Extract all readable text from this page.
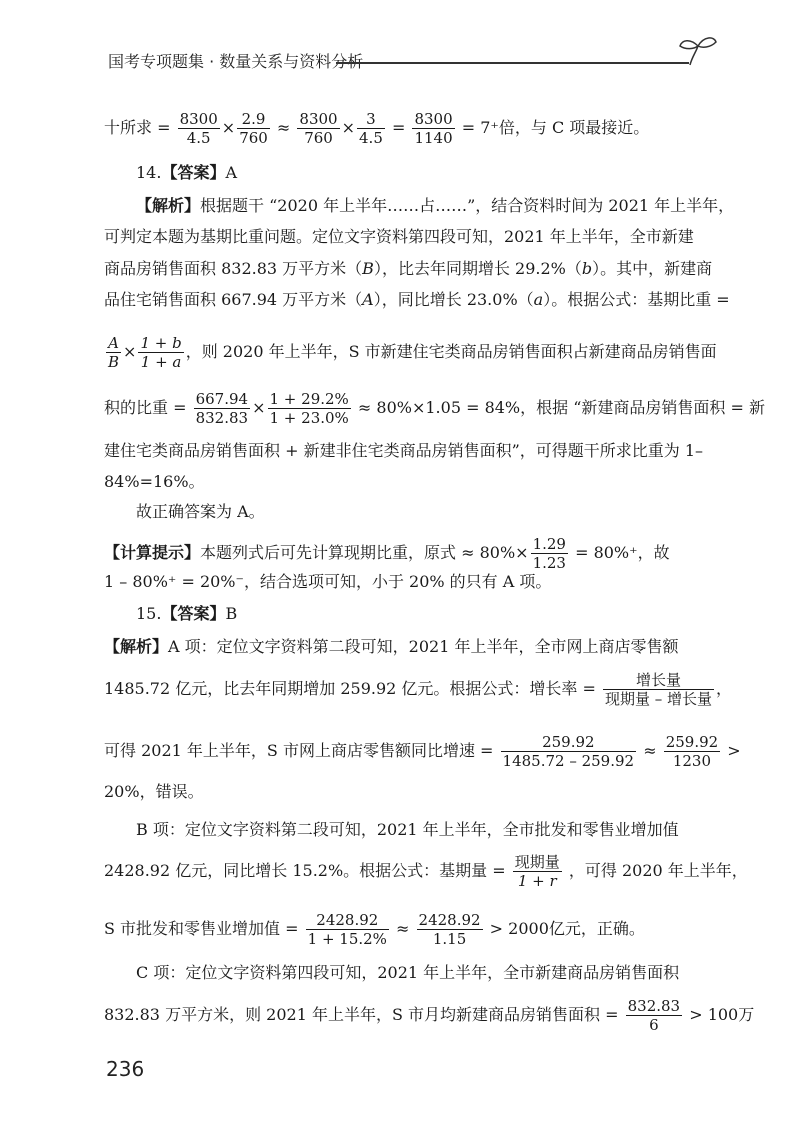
国考专项题集 · 数量关系与资料分析
十所求 = $\frac{8300}{4.5} \times \frac{2.9}{760} \approx \frac{8300}{760} \times \frac{3}{4.5} = \frac{8300}{1140} = 7^+$倍，与 C 项最接近。
14.【答案】A
【解析】根据题干 “2020 年上半年……占……”，结合资料时间为 2021 年上半年，
可判定本题为基期比重问题。定位文字资料第四段可知，2021 年上半年，全市新建
商品房销售面积 832.83 万平方米（B），比去年同期增长 29.2%（b）。其中，新建商
品住宅销售面积 667.94 万平方米（A），同比增长 23.0%（a）。根据公式：基期比重 =
$\frac{A}{B} \times \frac{1 + b}{1 + a}$ ，则 2020 年上半年，S 市新建住宅类商品房销售面积占新建商品房销售面
积的比重 = $\frac{667.94}{832.83} \times \frac{1 + 29.2\%}{1 + 23.0\%} \approx 80\%\times 1.05 = 84\%$，根据 “新建商品房销售面积 = 新
建住宅类商品房销售面积 + 新建非住宅类商品房销售面积”，可得题干所求比重为 1–
84%=16%。
故正确答案为 A。
【计算提示】本题列式后可先计算现期比重，原式 ≈ $80\%\times \frac{1.29}{1.23} = 80\%^+$，故
1 – 80%⁺ = 20%⁻，结合选项可知，小于 20% 的只有 A 项。
15.【答案】B
【解析】A 项：定位文字资料第二段可知，2021 年上半年，全市网上商店零售额
1485.72 亿元，比去年同期增加 259.92 亿元。根据公式：增长率 = $\frac{\text{增长量}}{\text{现期量 – 增长量}}$ ，
可得 2021 年上半年，S 市网上商店零售额同比增速 = $\frac{259.92}{1485.72 - 259.92} \approx \frac{259.92}{1230}$ >
20%，错误。
B 项：定位文字资料第二段可知，2021 年上半年，全市批发和零售业增加值
2428.92 亿元，同比增长 15.2%。根据公式：基期量 = $\frac{\text{现期量}}{1 + r}$ ，可得 2020 年上半年，
S 市批发和零售业增加值 = $\frac{2428.92}{1 + 15.2\%} \approx \frac{2428.92}{1.15} > 2000$亿元，正确。
C 项：定位文字资料第四段可知，2021 年上半年，全市新建商品房销售面积
832.83 万平方米，则 2021 年上半年，S 市月均新建商品房销售面积 = $\frac{832.83}{6} > 100$万
236
